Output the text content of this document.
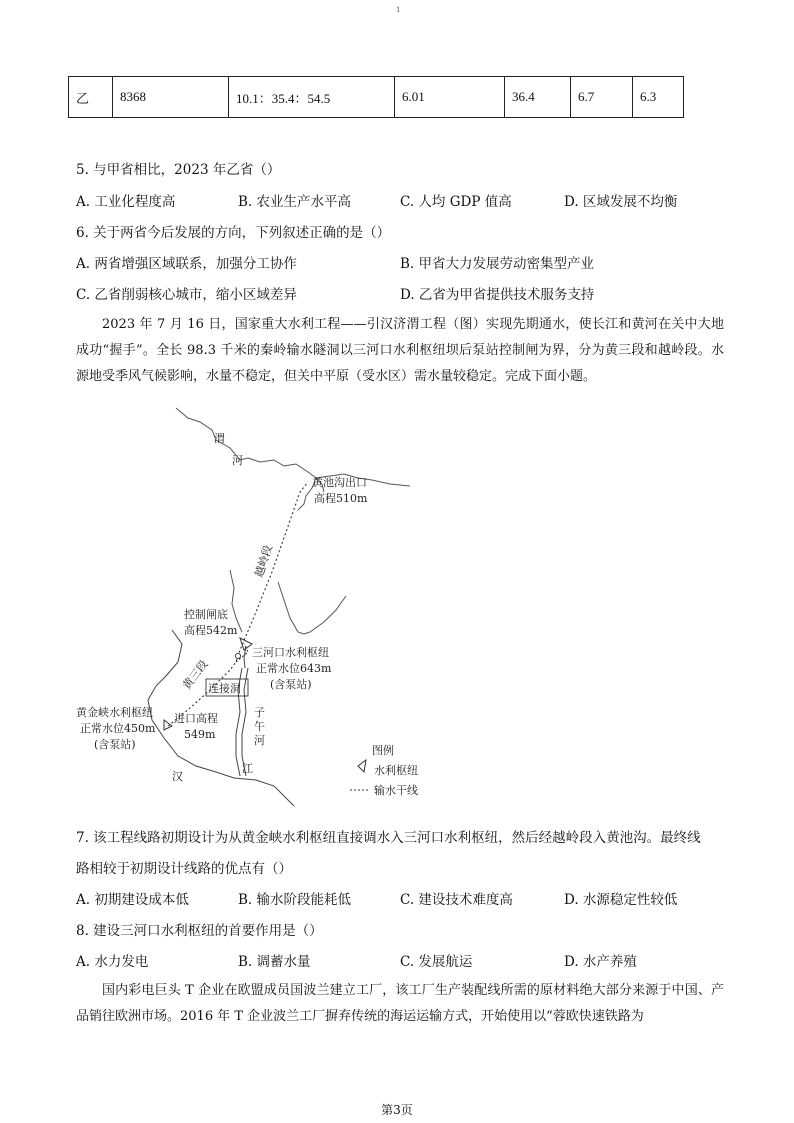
1
乙	8368	10.1：35.4：54.5	6.01	36.4	6.7	6.3
5. 与甲省相比，2023 年乙省（）
A. 工业化程度高	B. 农业生产水平高	C. 人均 GDP 值高	D. 区域发展不均衡
6. 关于两省今后发展的方向，下列叙述正确的是（）
A. 两省增强区域联系，加强分工协作	B. 甲省大力发展劳动密集型产业
C. 乙省削弱核心城市，缩小区域差异	D. 乙省为甲省提供技术服务支持
2023 年 7 月 16 日，国家重大水利工程——引汉济渭工程（图）实现先期通水，使长江和黄河在关中大地成功“握手”。全长 98.3 千米的秦岭输水隧洞以三河口水利枢纽坝后泵站控制闸为界，分为黄三段和越岭段。水源地受季风气候影响，水量不稳定，但关中平原（受水区）需水量较稳定。完成下面小题。
渭
河
黄池沟出口
高程510m
越岭段
控制闸底
高程542m
三河口水利枢纽
正常水位643m
(含泵站)
黄三段
连接洞
黄金峡水利枢纽
正常水位450m
(含泵站)
进口高程
549m
子
午
河
汉
江
图例
水利枢纽
输水干线
7. 该工程线路初期设计为从黄金峡水利枢纽直接调水入三河口水利枢纽，然后经越岭段入黄池沟。最终线
路相较于初期设计线路的优点有（）
A. 初期建设成本低	B. 输水阶段能耗低	C. 建设技术难度高	D. 水源稳定性较低
8. 建设三河口水利枢纽的首要作用是（）
A. 水力发电	B. 调蓄水量	C. 发展航运	D. 水产养殖
国内彩电巨头 T 企业在欧盟成员国波兰建立工厂，该工厂生产装配线所需的原材料绝大部分来源于中国、产品销往欧洲市场。2016 年 T 企业波兰工厂摒弃传统的海运运输方式，开始使用以“蓉欧快速铁路为
第3页
